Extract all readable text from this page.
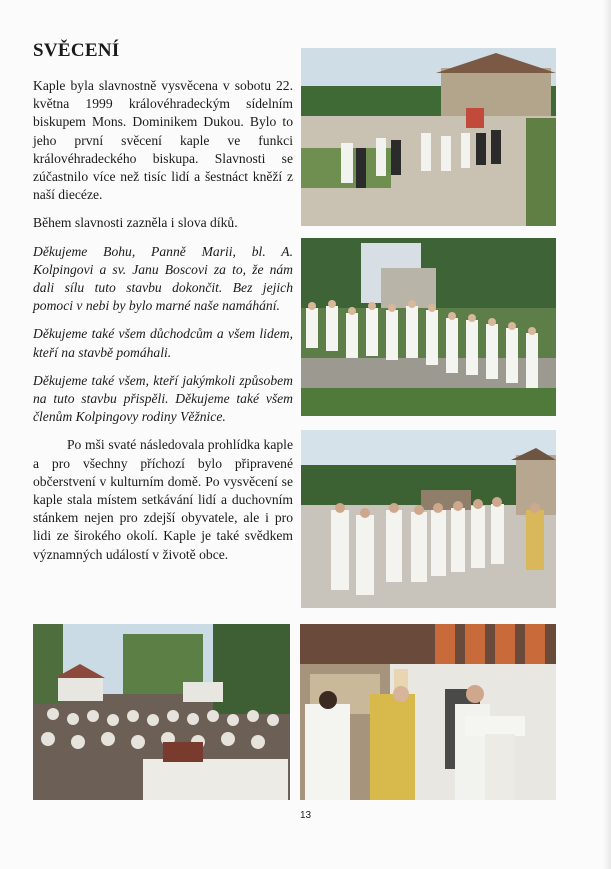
SVĚCENÍ

Kaple byla slavnostně vysvěcena v sobotu 22. května 1999 královéhradeckým sídelním biskupem Mons. Dominikem Dukou. Bylo to jeho první svěcení kaple ve funkci královéhradeckého biskupa. Slavnosti se zúčastnilo více než tisíc lidí a šestnáct kněží z naší diecéze.

Během slavnosti zazněla i slova díků.

Děkujeme Bohu, Panně Marii, bl. A. Kolpingovi a sv. Janu Boscovi za to, že nám dali sílu tuto stavbu dokončit. Bez jejich pomoci v nebi by bylo marné naše namáhání.

Děkujeme také všem důchodcům a všem lidem, kteří na stavbě pomáhali.

Děkujeme také všem, kteří jakýmkoli způsobem na tuto stavbu přispěli. Děkujeme také všem členům Kolpingovy rodiny Věžnice.

Po mši svaté následovala prohlídka kaple a pro všechny příchozí bylo připravené občerstvení v kulturním domě. Po vysvěcení se kaple stala místem setkávání lidí a duchovním stánkem nejen pro zdejší obyvatele, ale i pro lidi ze širokého okolí. Kaple je také svědkem významných událostí v životě obce.

13
